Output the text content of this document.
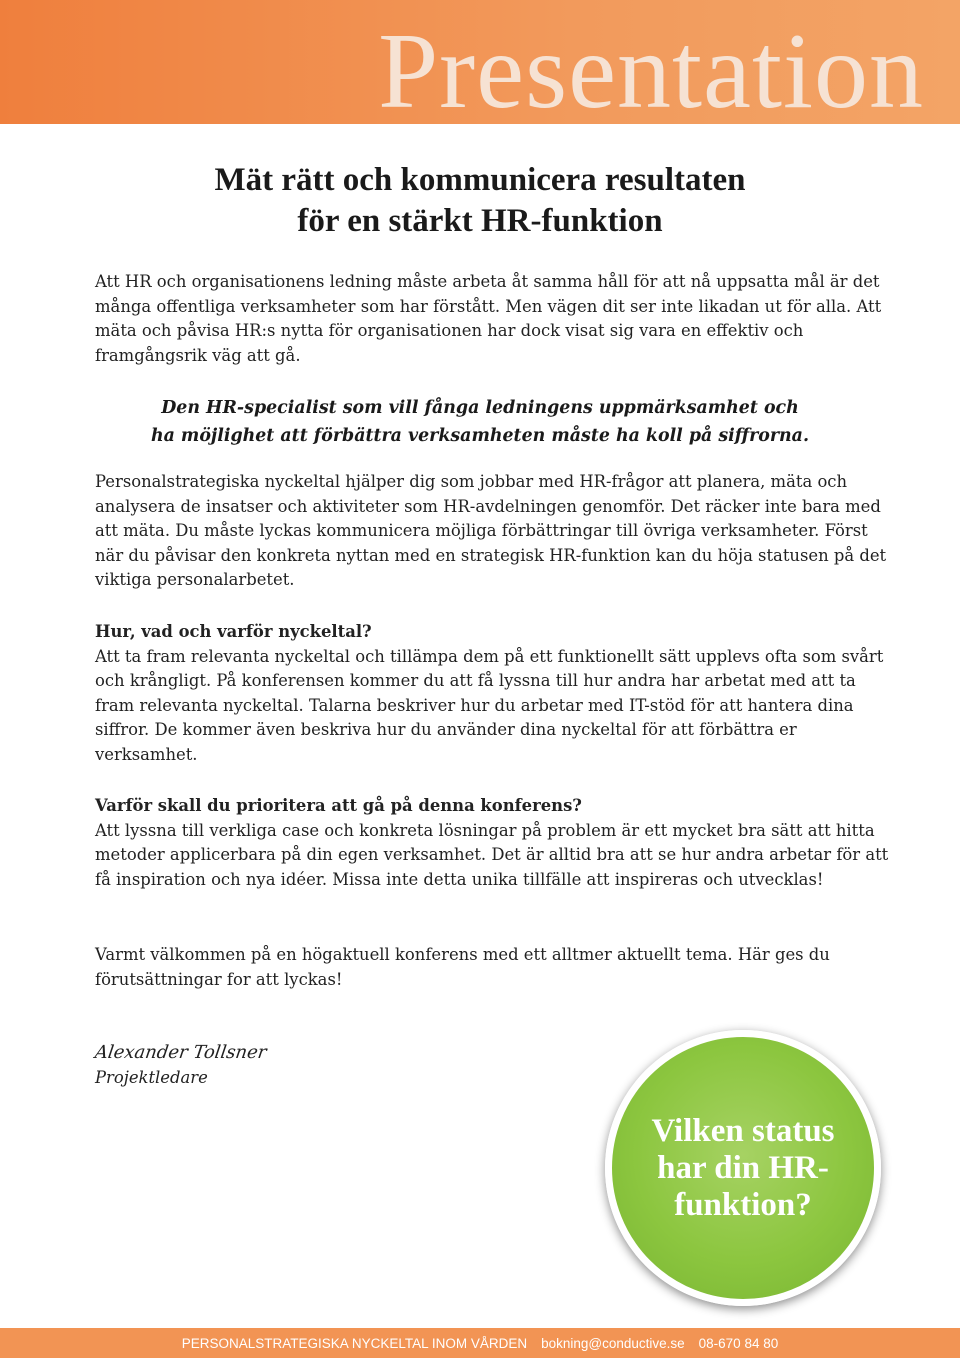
Presentation
Mät rätt och kommunicera resultaten
för en stärkt HR-funktion

Att HR och organisationens ledning måste arbeta åt samma håll för att nå uppsatta mål är det många offentliga verksamheter som har förstått. Men vägen dit ser inte likadan ut för alla. Att mäta och påvisa HR:s nytta för organisationen har dock visat sig vara en effektiv och framgångsrik väg att gå.

Den HR-specialist som vill fånga ledningens uppmärksamhet och
ha möjlighet att förbättra verksamheten måste ha koll på siffrorna.

Personalstrategiska nyckeltal hjälper dig som jobbar med HR-frågor att planera, mäta och analysera de insatser och aktiviteter som HR-avdelningen genomför. Det räcker inte bara med att mäta. Du måste lyckas kommunicera möjliga förbättringar till övriga verksamheter. Först när du påvisar den konkreta nyttan med en strategisk HR-funktion kan du höja statusen på det viktiga personalarbetet.

Hur, vad och varför nyckeltal?
Att ta fram relevanta nyckeltal och tillämpa dem på ett funktionellt sätt upplevs ofta som svårt och krångligt. På konferensen kommer du att få lyssna till hur andra har arbetat med att ta fram relevanta nyckeltal. Talarna beskriver hur du arbetar med IT-stöd för att hantera dina siffror. De kommer även beskriva hur du använder dina nyckeltal för att förbättra er verksamhet.
Varför skall du prioritera att gå på denna konferens?
Att lyssna till verkliga case och konkreta lösningar på problem är ett mycket bra sätt att hitta metoder applicerbara på din egen verksamhet. Det är alltid bra att se hur andra arbetar för att få inspiration och nya idéer. Missa inte detta unika tillfälle att inspireras och utvecklas!

Varmt välkommen på en högaktuell konferens med ett alltmer aktuellt tema. Här ges du förutsättningar for att lyckas!

Alexander Tollsner
Projektledare
Vilken status
har din HR-
funktion?
PERSONALSTRATEGISKA NYCKELTAL INOM VÅRDEN bokning@conductive.se 08-670 84 80
